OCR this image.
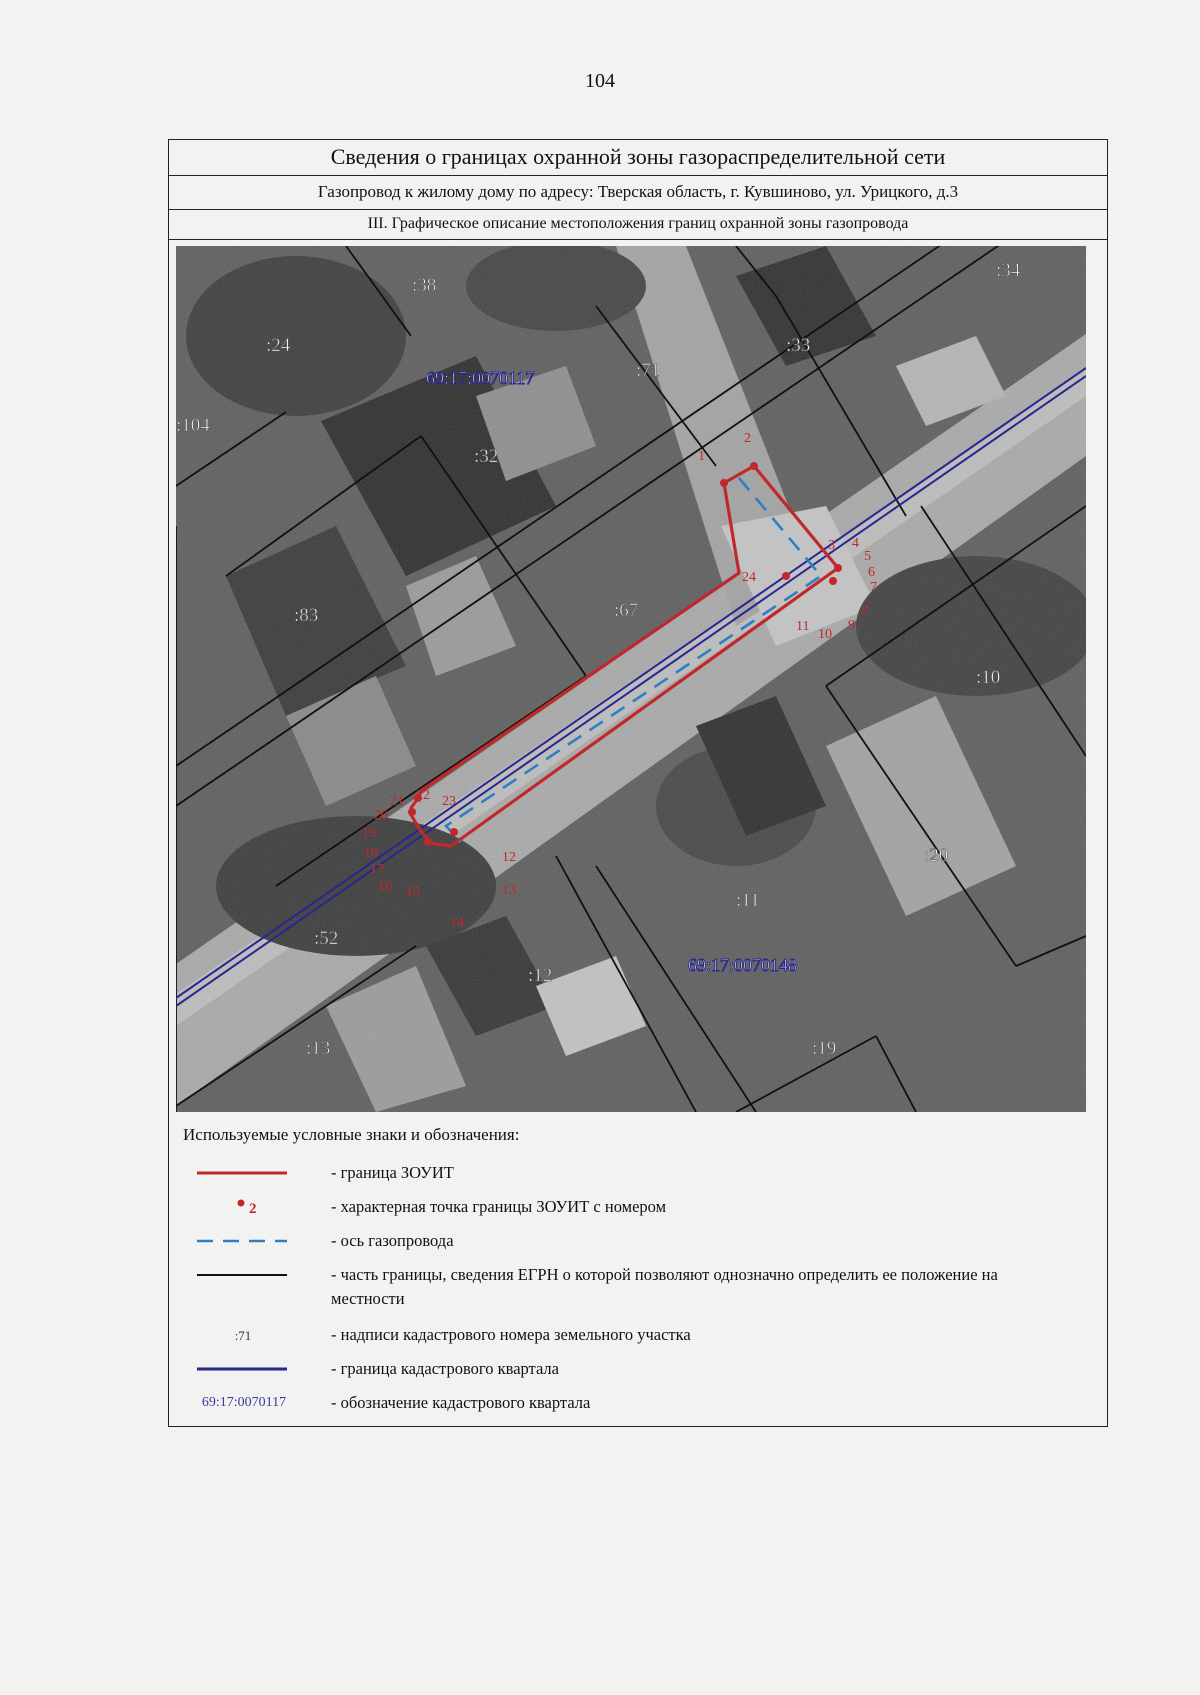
104
Сведения о границах охранной зоны газораспределительной сети
Газопровод к жилому дому по адресу: Тверская область, г. Кувшиново, ул. Урицкого, д.3
III. Графическое описание местоположения границ охранной зоны газопровода
1
2
3 4
5
6
7
8
9
10
11
12
13
14
15
16
17
18
19
20
21 22 23
24
:38
:34
:24
:71
:33
:104
:32
:83	:67
:10
:20
:11
:52
:12
:13	:19
69:17:0070117
69:17:0070148
Используемые условные знаки и обозначения:
- граница ЗОУИТ
2	- характерная точка границы ЗОУИТ с номером
- ось газопровода
- часть границы, сведения ЕГРН о которой позволяют однозначно определить ее положение на местности
:71	- надписи кадастрового номера земельного участка
- граница кадастрового квартала
69:17:0070117	- обозначение кадастрового квартала
